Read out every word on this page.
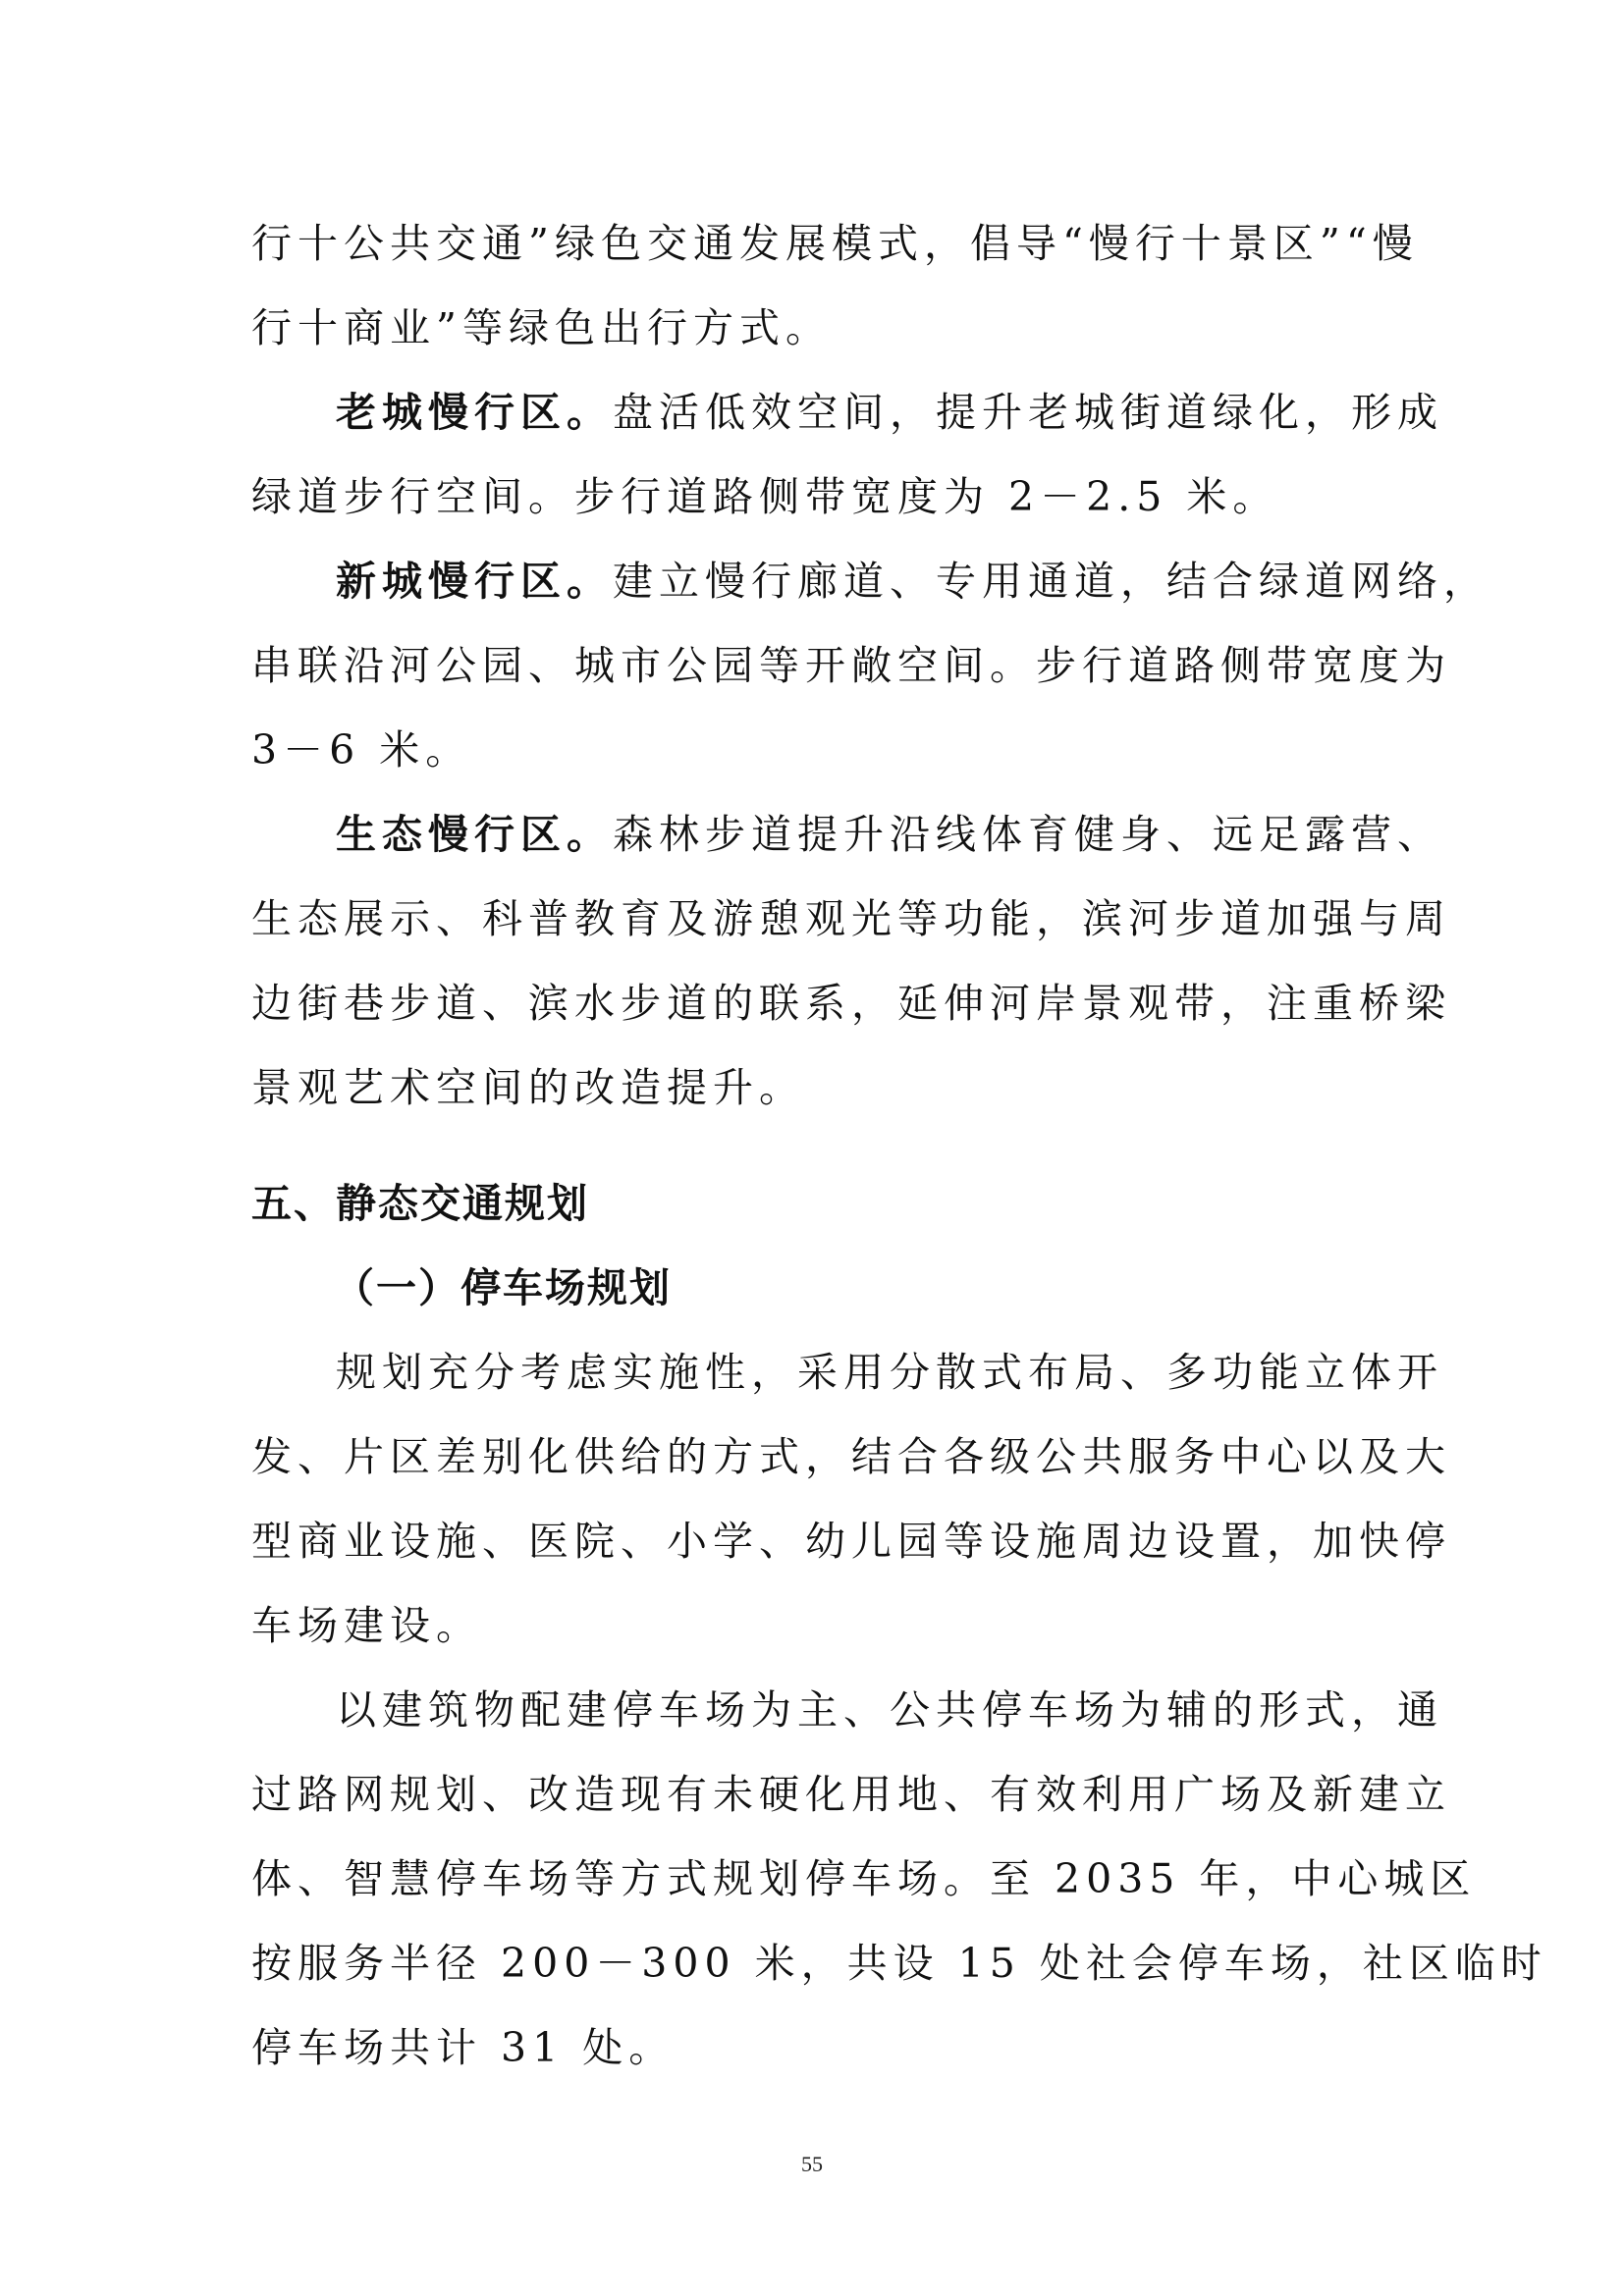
行十公共交通”绿色交通发展模式，倡导“慢行十景区”“慢
行十商业”等绿色出行方式。
老城慢行区。盘活低效空间，提升老城街道绿化，形成
绿道步行空间。步行道路侧带宽度为 2－2.5 米。
新城慢行区。建立慢行廊道、专用通道，结合绿道网络，
串联沿河公园、城市公园等开敞空间。步行道路侧带宽度为
3－6 米。
生态慢行区。森林步道提升沿线体育健身、远足露营、
生态展示、科普教育及游憩观光等功能，滨河步道加强与周
边街巷步道、滨水步道的联系，延伸河岸景观带，注重桥梁
景观艺术空间的改造提升。
五、静态交通规划
（一）停车场规划
规划充分考虑实施性，采用分散式布局、多功能立体开
发、片区差别化供给的方式，结合各级公共服务中心以及大
型商业设施、医院、小学、幼儿园等设施周边设置，加快停
车场建设。
以建筑物配建停车场为主、公共停车场为辅的形式，通
过路网规划、改造现有未硬化用地、有效利用广场及新建立
体、智慧停车场等方式规划停车场。至 2035 年，中心城区
按服务半径 200－300 米，共设 15 处社会停车场，社区临时
停车场共计 31 处。
55
